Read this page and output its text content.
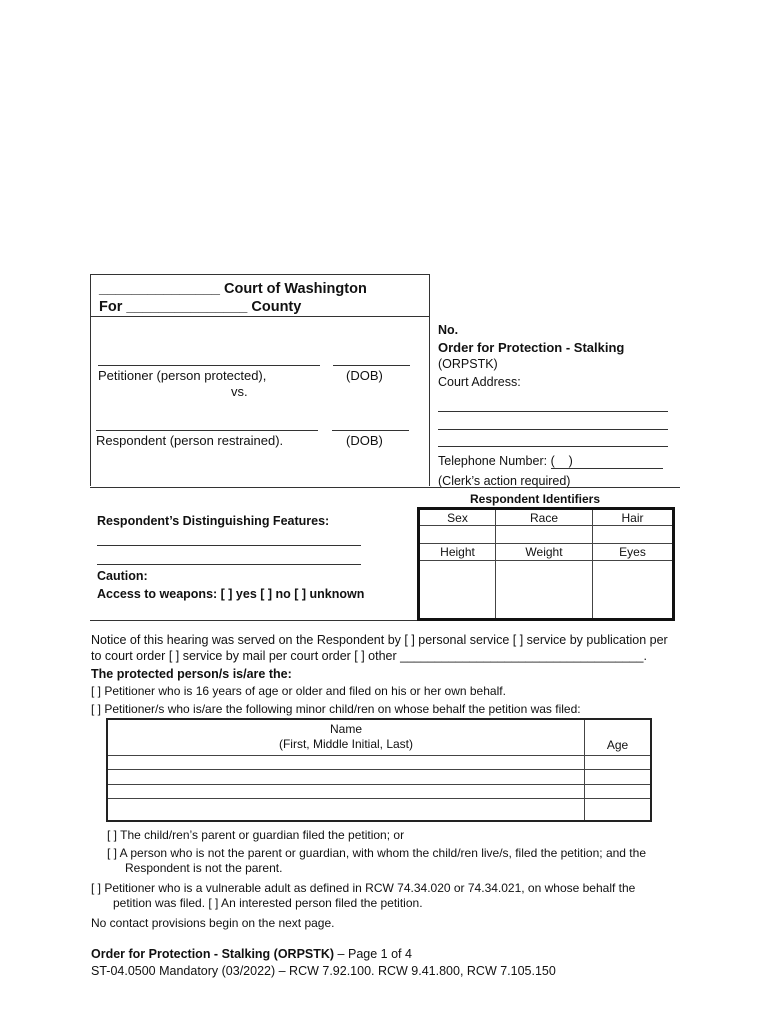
_______________ Court of Washington
For _______________ County
Petitioner (person protected),	(DOB)
vs.
Respondent (person restrained).	(DOB)
No.
Order for Protection - Stalking
(ORPSTK)
Court Address:
Telephone Number: (    )
(Clerk’s action required)
Respondent’s Distinguishing Features:
Caution:
Access to weapons: [ ] yes [ ] no [ ] unknown
Respondent Identifiers
Sex	Race	Hair

Height	Weight	Eyes

Notice of this hearing was served on the Respondent by [ ] personal service [ ] service by publication per
to court order [ ] service by mail per court order [ ] other ___________________________________.
The protected person/s is/are the:
[ ] Petitioner who is 16 years of age or older and filed on his or her own behalf.
[ ] Petitioner/s who is/are the following minor child/ren on whose behalf the petition was filed:
Name
(First, Middle Initial, Last)	Age

[ ] The child/ren’s parent or guardian filed the petition; or
[ ] A person who is not the parent or guardian, with whom the child/ren live/s, filed the petition; and the
Respondent is not the parent.
[ ] Petitioner who is a vulnerable adult as defined in RCW 74.34.020 or 74.34.021, on whose behalf the
petition was filed. [ ] An interested person filed the petition.
No contact provisions begin on the next page.
Order for Protection - Stalking (ORPSTK) – Page 1 of 4
ST-04.0500 Mandatory (03/2022) – RCW 7.92.100. RCW 9.41.800, RCW 7.105.150
